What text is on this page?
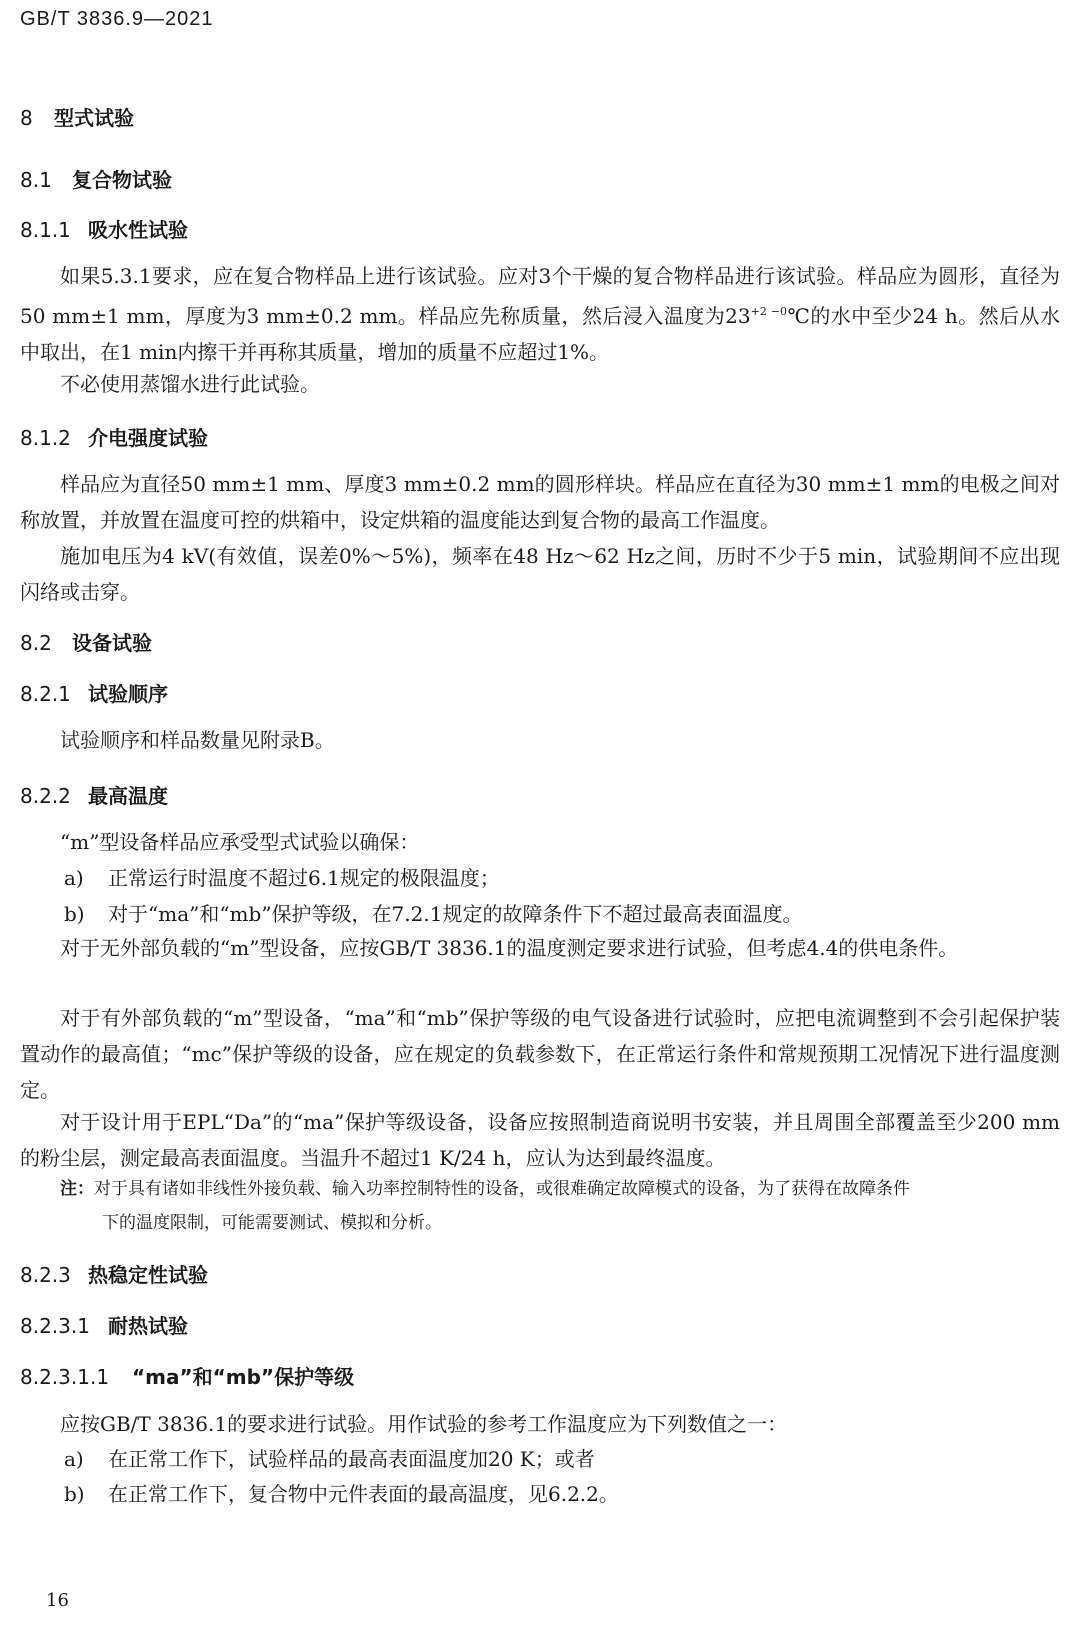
GB/T 3836.9—2021
8 型式试验
8.1 复合物试验
8.1.1 吸水性试验
如果5.3.1要求，应在复合物样品上进行该试验。应对3个干燥的复合物样品进行该试验。样品应为圆形，直径为50 mm±1 mm，厚度为3 mm±0.2 mm。样品应先称质量，然后浸入温度为$23^{+2 -0}℃$的水中至少24 h。然后从水中取出，在1 min内擦干并再称其质量，增加的质量不应超过1%。
不必使用蒸馏水进行此试验。
8.1.2 介电强度试验
样品应为直径50 mm±1 mm、厚度3 mm±0.2 mm的圆形样块。样品应在直径为30 mm±1 mm的电极之间对称放置，并放置在温度可控的烘箱中，设定烘箱的温度能达到复合物的最高工作温度。
施加电压为4 kV(有效值，误差0%～5%)，频率在48 Hz～62 Hz之间，历时不少于5 min，试验期间不应出现闪络或击穿。
8.2 设备试验
8.2.1 试验顺序
试验顺序和样品数量见附录B。
8.2.2 最高温度
“m”型设备样品应承受型式试验以确保：
a) 正常运行时温度不超过6.1规定的极限温度；
b) 对于“ma”和“mb”保护等级，在7.2.1规定的故障条件下不超过最高表面温度。
对于无外部负载的“m”型设备，应按GB/T 3836.1的温度测定要求进行试验，但考虑4.4的供电条件。
对于有外部负载的“m”型设备，“ma”和“mb”保护等级的电气设备进行试验时，应把电流调整到不会引起保护装置动作的最高值；“mc”保护等级的设备，应在规定的负载参数下，在正常运行条件和常规预期工况情况下进行温度测定。
对于设计用于EPL“Da”的“ma”保护等级设备，设备应按照制造商说明书安装，并且周围全部覆盖至少200 mm的粉尘层，测定最高表面温度。当温升不超过1 K/24 h，应认为达到最终温度。
注：对于具有诸如非线性外接负载、输入功率控制特性的设备，或很难确定故障模式的设备，为了获得在故障条件
下的温度限制，可能需要测试、模拟和分析。
8.2.3 热稳定性试验
8.2.3.1 耐热试验
8.2.3.1.1 “ma”和“mb”保护等级
应按GB/T 3836.1的要求进行试验。用作试验的参考工作温度应为下列数值之一：
a) 在正常工作下，试验样品的最高表面温度加20 K；或者
b) 在正常工作下，复合物中元件表面的最高温度，见6.2.2。
16
